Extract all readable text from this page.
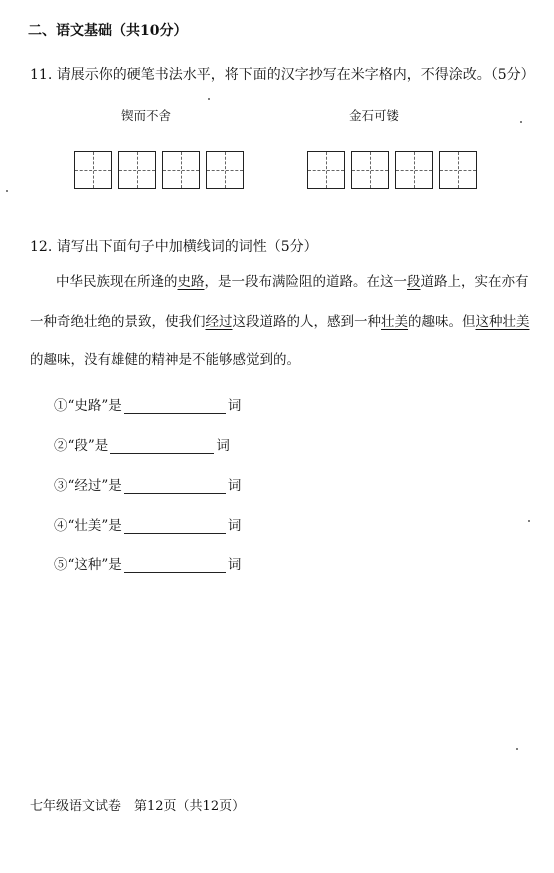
二、语文基础（共10分）
11. 请展示你的硬笔书法水平，将下面的汉字抄写在米字格内，不得涂改。（5分）
锲而不舍	金石可镂
12. 请写出下面句子中加横线词的词性（5分）
中华民族现在所逢的史路，是一段布满险阻的道路。在这一段道路上，实在亦有
一种奇绝壮绝的景致，使我们经过这段道路的人，感到一种壮美的趣味。但这种壮美
的趣味，没有雄健的精神是不能够感觉到的。
①“史路”是	词
②“段”是	词
③“经过”是	词
④“壮美”是	词
⑤“这种”是	词
七年级语文试卷　第12页（共12页）
